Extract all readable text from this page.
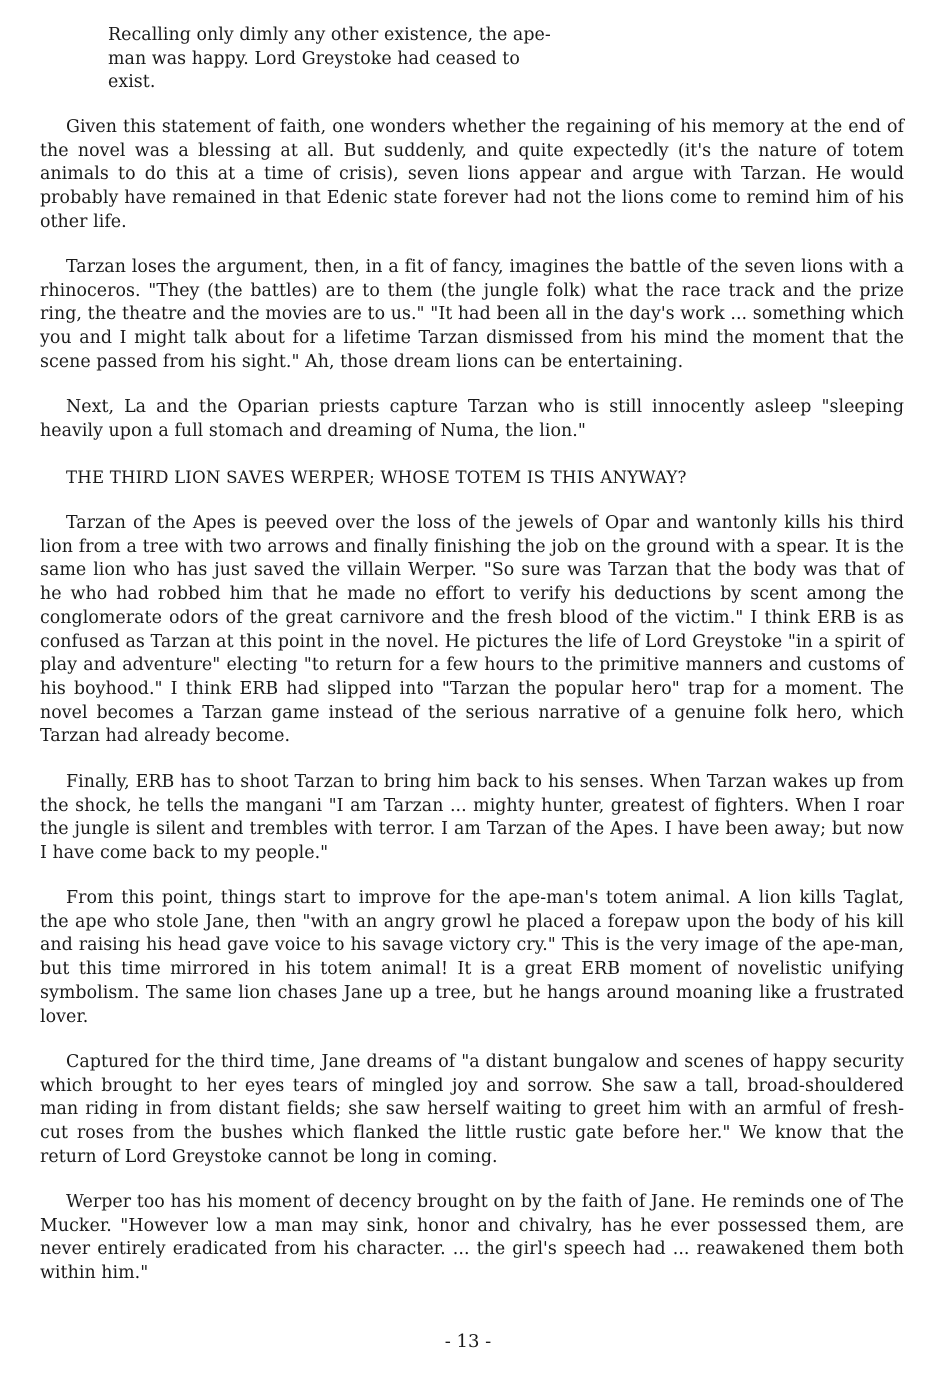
Recalling only dimly any other existence, the ape-man was happy. Lord Greystoke had ceased to exist.

Given this statement of faith, one wonders whether the regaining of his memory at the end of the novel was a blessing at all. But suddenly, and quite expectedly (it's the nature of totem animals to do this at a time of crisis), seven lions appear and argue with Tarzan. He would probably have remained in that Edenic state forever had not the lions come to remind him of his other life.

Tarzan loses the argument, then, in a fit of fancy, imagines the battle of the seven lions with a rhinoceros. "They (the battles) are to them (the jungle folk) what the race track and the prize ring, the theatre and the movies are to us." "It had been all in the day's work ... something which you and I might talk about for a lifetime Tarzan dismissed from his mind the moment that the scene passed from his sight." Ah, those dream lions can be entertaining.

Next, La and the Oparian priests capture Tarzan who is still innocently asleep "sleeping heavily upon a full stomach and dreaming of Numa, the lion."

THE THIRD LION SAVES WERPER; WHOSE TOTEM IS THIS ANYWAY?

Tarzan of the Apes is peeved over the loss of the jewels of Opar and wantonly kills his third lion from a tree with two arrows and finally finishing the job on the ground with a spear. It is the same lion who has just saved the villain Werper. "So sure was Tarzan that the body was that of he who had robbed him that he made no effort to verify his deductions by scent among the conglomerate odors of the great carnivore and the fresh blood of the victim." I think ERB is as confused as Tarzan at this point in the novel. He pictures the life of Lord Greystoke "in a spirit of play and adventure" electing "to return for a few hours to the primitive manners and customs of his boyhood." I think ERB had slipped into "Tarzan the popular hero" trap for a moment. The novel becomes a Tarzan game instead of the serious narrative of a genuine folk hero, which Tarzan had already become.

Finally, ERB has to shoot Tarzan to bring him back to his senses. When Tarzan wakes up from the shock, he tells the mangani "I am Tarzan ... mighty hunter, greatest of fighters. When I roar the jungle is silent and trembles with terror. I am Tarzan of the Apes. I have been away; but now I have come back to my people."

From this point, things start to improve for the ape-man's totem animal. A lion kills Taglat, the ape who stole Jane, then "with an angry growl he placed a forepaw upon the body of his kill and raising his head gave voice to his savage victory cry." This is the very image of the ape-man, but this time mirrored in his totem animal! It is a great ERB moment of novelistic unifying symbolism. The same lion chases Jane up a tree, but he hangs around moaning like a frustrated lover.

Captured for the third time, Jane dreams of "a distant bungalow and scenes of happy security which brought to her eyes tears of mingled joy and sorrow. She saw a tall, broad-shouldered man riding in from distant fields; she saw herself waiting to greet him with an armful of fresh-cut roses from the bushes which flanked the little rustic gate before her." We know that the return of Lord Greystoke cannot be long in coming.

Werper too has his moment of decency brought on by the faith of Jane. He reminds one of The Mucker. "However low a man may sink, honor and chivalry, has he ever possessed them, are never entirely eradicated from his character. ... the girl's speech had ... reawakened them both within him."

- 13 -
